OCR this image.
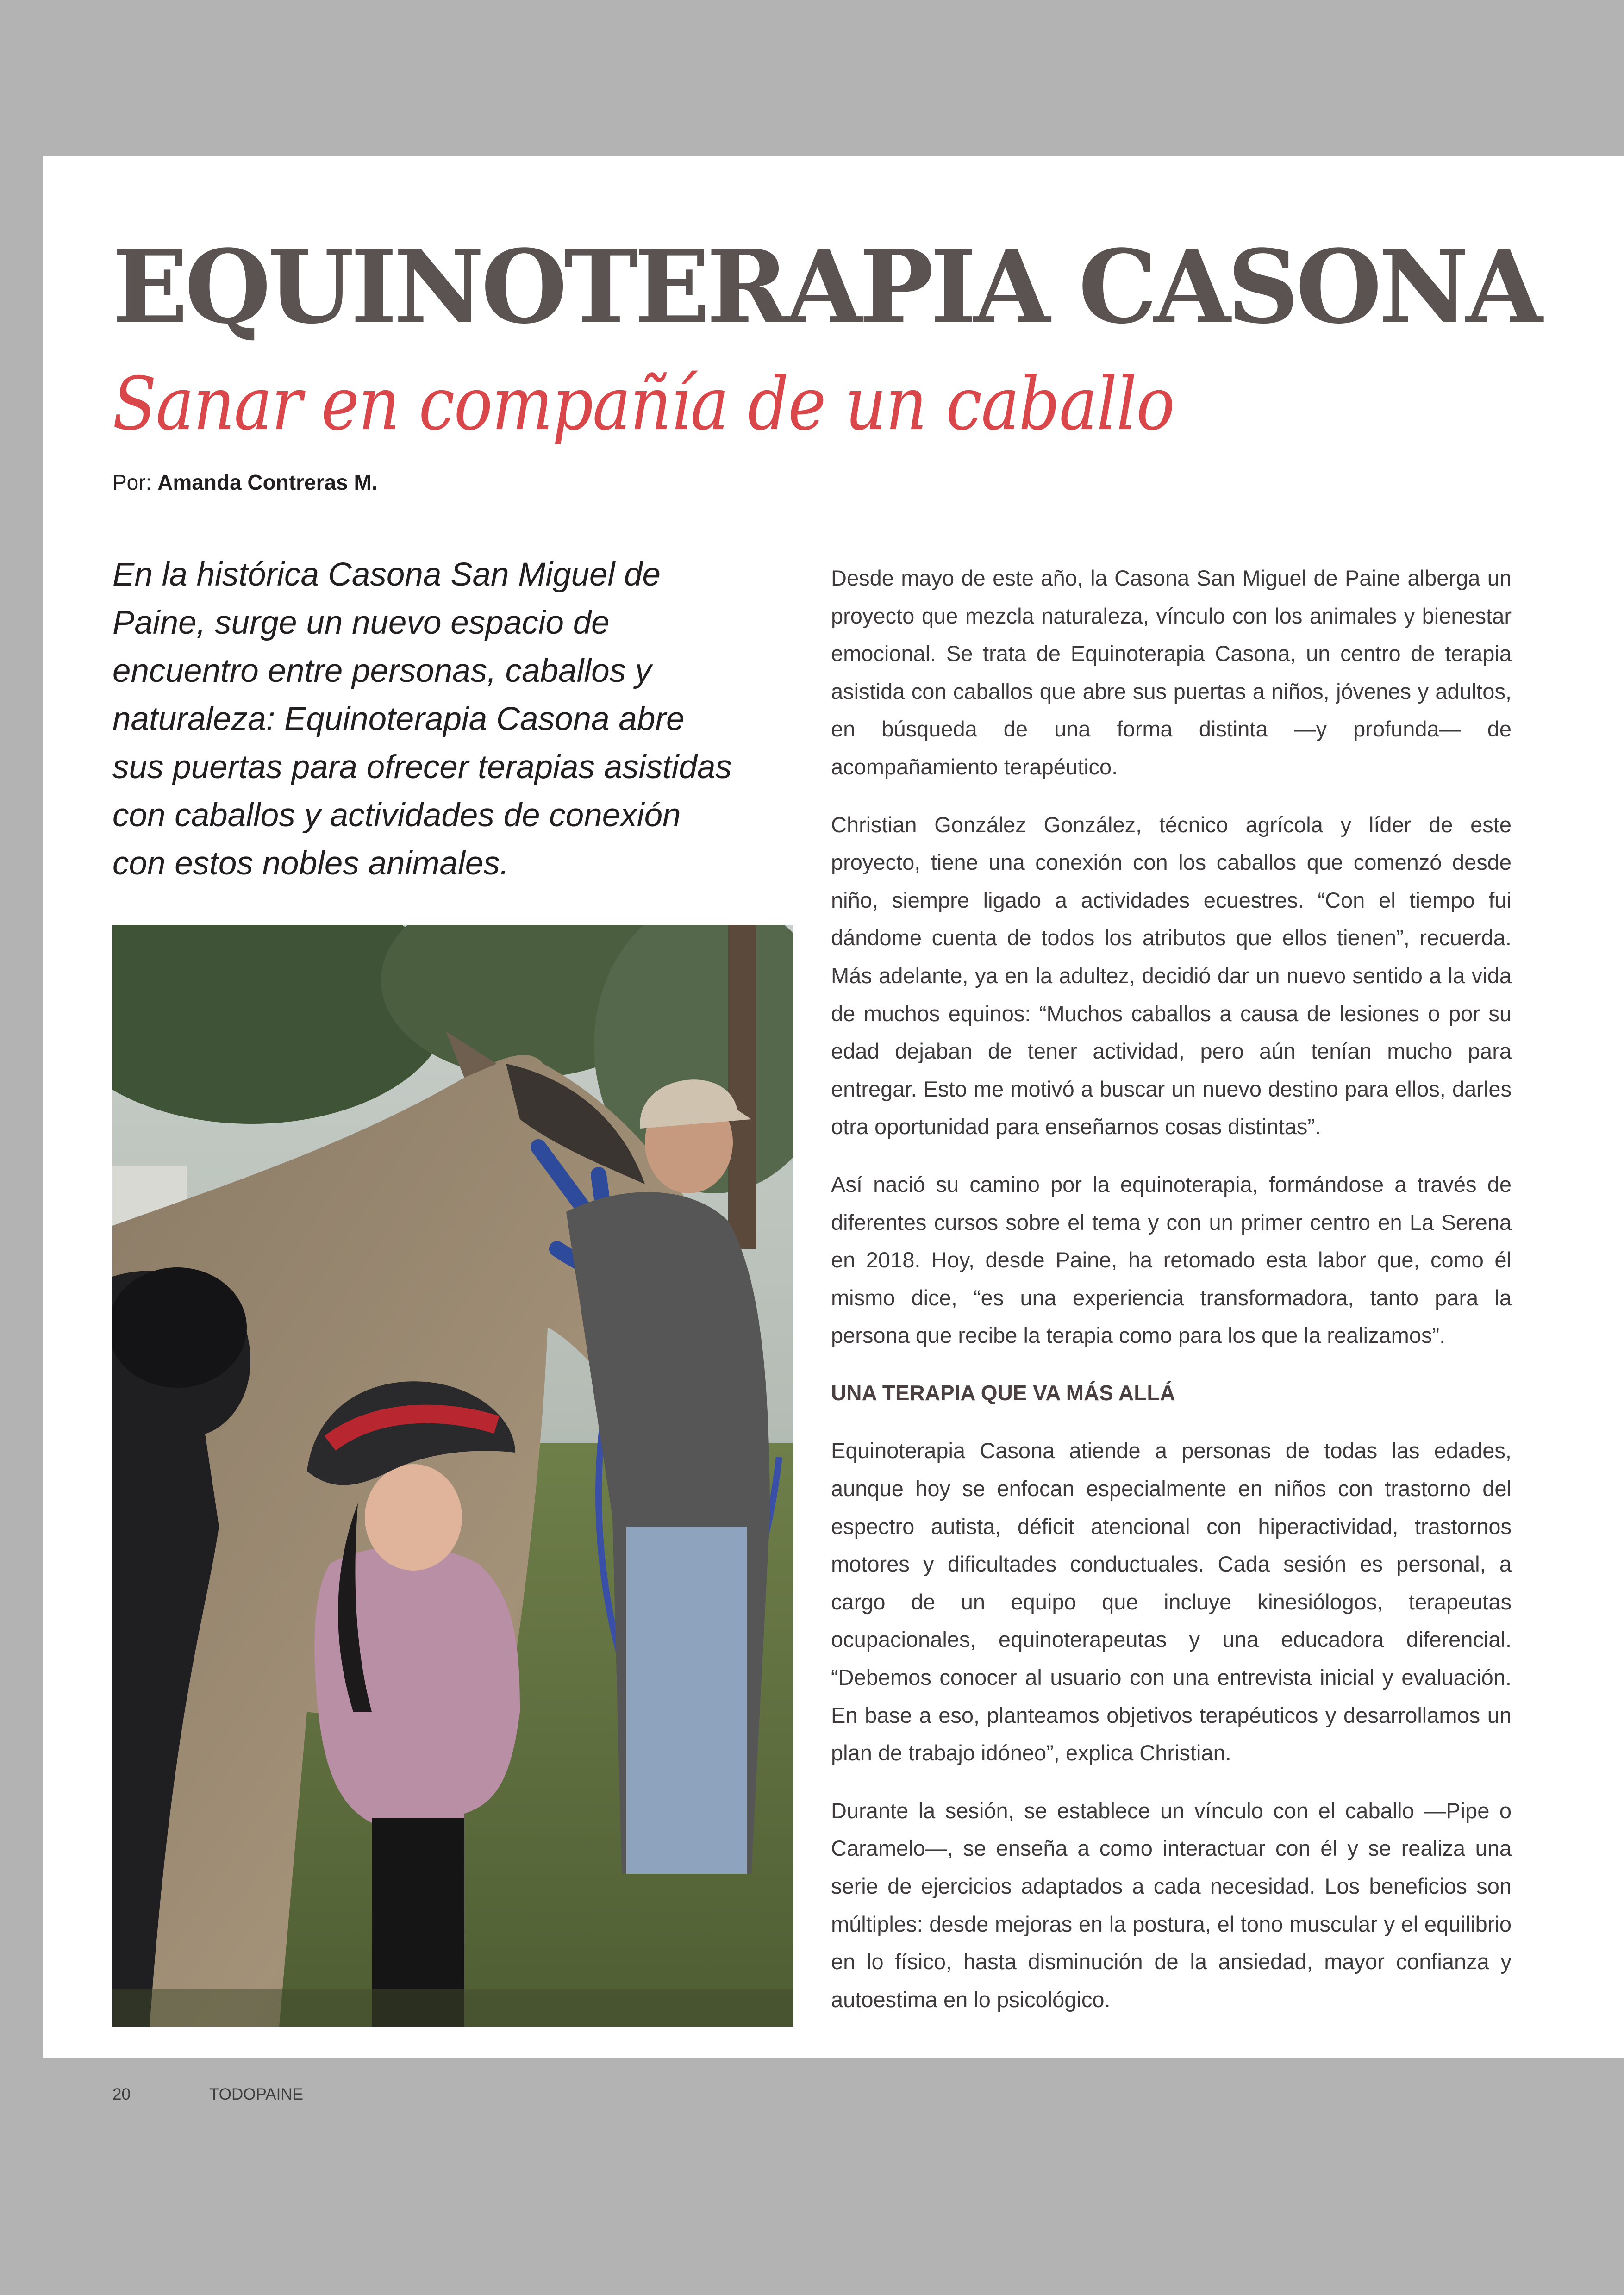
EQUINOTERAPIA CASONA
Sanar en compañía de un caballo

Por: Amanda Contreras M.

En la histórica Casona San Miguel de
Paine, surge un nuevo espacio de
encuentro entre personas, caballos y
naturaleza: Equinoterapia Casona abre
sus puertas para ofrecer terapias asistidas
con caballos y actividades de conexión
con estos nobles animales.

Desde mayo de este año, la Casona San Miguel de Paine alberga un proyecto que mezcla naturaleza, vínculo con los animales y bienestar emocional. Se trata de Equinoterapia Casona, un centro de terapia asistida con caballos que abre sus puertas a niños, jóvenes y adultos, en búsqueda de una forma distinta —y profunda— de acompañamiento terapéutico.

Christian González González, técnico agrícola y líder de este proyecto, tiene una conexión con los caballos que comenzó desde niño, siempre ligado a actividades ecuestres. “Con el tiempo fui dándome cuenta de todos los atributos que ellos tienen”, recuerda. Más adelante, ya en la adultez, decidió dar un nuevo sentido a la vida de muchos equinos: “Muchos caballos a causa de lesiones o por su edad dejaban de tener actividad, pero aún tenían mucho para entregar. Esto me motivó a buscar un nuevo destino para ellos, darles otra oportunidad para enseñarnos cosas distintas”.

Así nació su camino por la equinoterapia, formándose a través de diferentes cursos sobre el tema y con un primer centro en La Serena en 2018. Hoy, desde Paine, ha retomado esta labor que, como él mismo dice, “es una experiencia transformadora, tanto para la persona que recibe la terapia como para los que la realizamos”.

UNA TERAPIA QUE VA MÁS ALLÁ

Equinoterapia Casona atiende a personas de todas las edades, aunque hoy se enfocan especialmente en niños con trastorno del espectro autista, déficit atencional con hiperactividad, trastornos motores y dificultades conductuales. Cada sesión es personal, a cargo de un equipo que incluye kinesiólogos, terapeutas ocupacionales, equinoterapeutas y una educadora diferencial. “Debemos conocer al usuario con una entrevista inicial y evaluación. En base a eso, planteamos objetivos terapéuticos y desarrollamos un plan de trabajo idóneo”, explica Christian.

Durante la sesión, se establece un vínculo con el caballo —Pipe o Caramelo—, se enseña a como interactuar con él y se realiza una serie de ejercicios adaptados a cada necesidad. Los beneficios son múltiples: desde mejoras en la postura, el tono muscular y el equilibrio en lo físico, hasta disminución de la ansiedad, mayor confianza y autoestima en lo psicológico.

20	TODOPAINE
